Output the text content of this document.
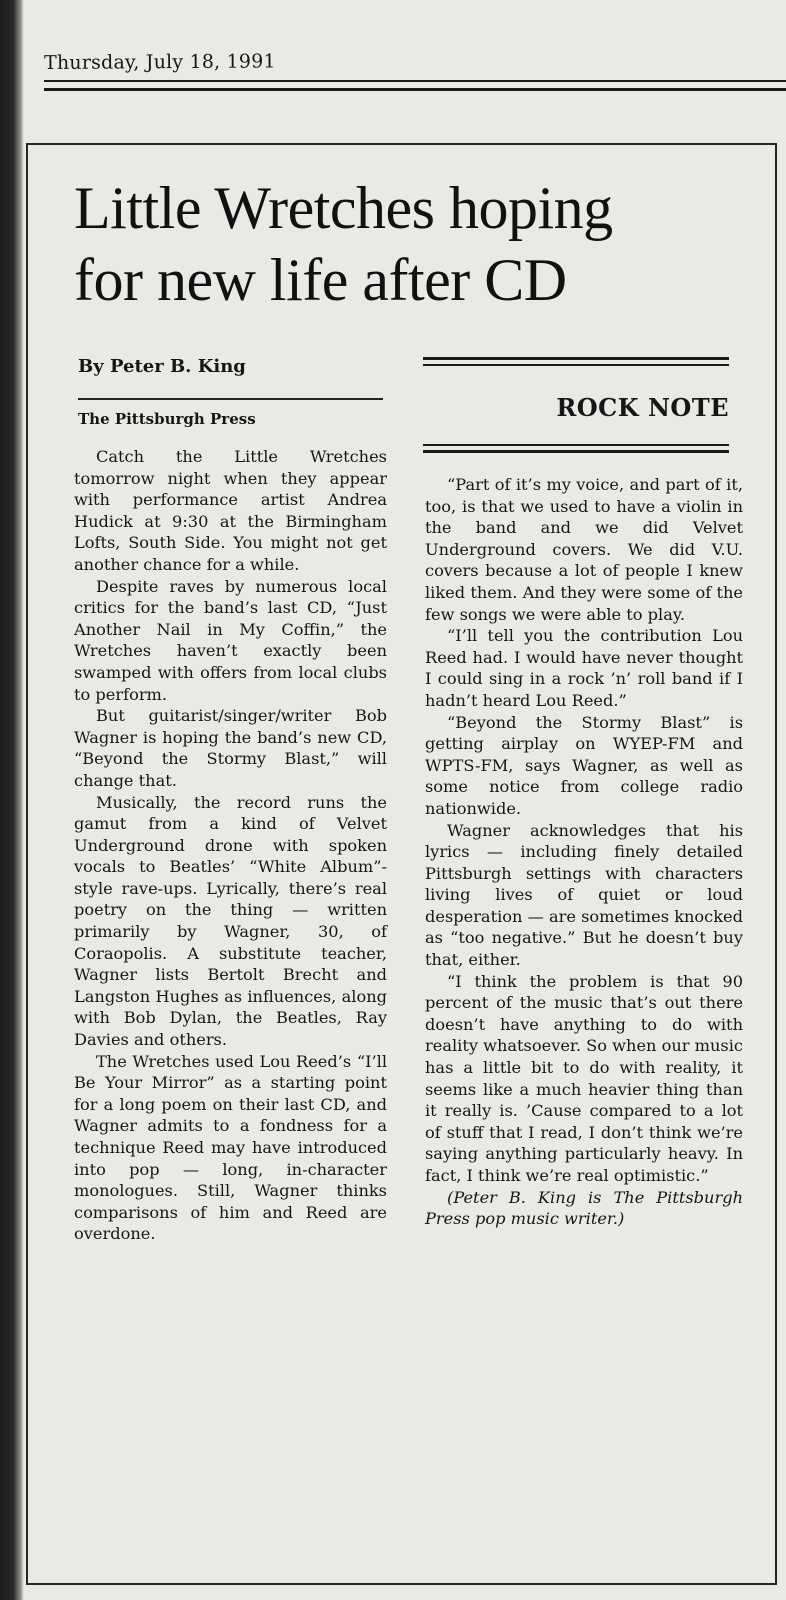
Thursday, July 18, 1991
Little Wretches hoping
for new life after CD
By Peter B. King
The Pittsburgh Press	ROCK NOTE

Catch the Little Wretches tomorrow night when they appear with performance artist Andrea Hudick at 9:30 at the Birmingham Lofts, South Side. You might not get another chance for a while.

Despite raves by numerous local critics for the band’s last CD, “Just Another Nail in My Coffin,” the Wretches haven’t exactly been swamped with offers from local clubs to perform.

But guitarist/singer/writer Bob Wagner is hoping the band’s new CD, “Beyond the Stormy Blast,” will change that.

Musically, the record runs the gamut from a kind of Velvet Underground drone with spoken vocals to Beatles’ “White Album”-style rave-ups. Lyrically, there’s real poetry on the thing — written primarily by Wagner, 30, of Coraopolis. A substitute teacher, Wagner lists Bertolt Brecht and Langston Hughes as influences, along with Bob Dylan, the Beatles, Ray Davies and others.

The Wretches used Lou Reed’s “I’ll Be Your Mirror” as a starting point for a long poem on their last CD, and Wagner admits to a fondness for a technique Reed may have introduced into pop — long, in-character monologues. Still, Wagner thinks comparisons of him and Reed are overdone.

“Part of it’s my voice, and part of it, too, is that we used to have a violin in the band and we did Velvet Underground covers. We did V.U. covers because a lot of people I knew liked them. And they were some of the few songs we were able to play.

“I’ll tell you the contribution Lou Reed had. I would have never thought I could sing in a rock ’n’ roll band if I hadn’t heard Lou Reed.”

“Beyond the Stormy Blast” is getting airplay on WYEP-FM and WPTS-FM, says Wagner, as well as some notice from college radio nationwide.

Wagner acknowledges that his lyrics — including finely detailed Pittsburgh settings with characters living lives of quiet or loud desperation — are sometimes knocked as “too negative.” But he doesn’t buy that, either.

“I think the problem is that 90 percent of the music that’s out there doesn’t have anything to do with reality whatsoever. So when our music has a little bit to do with reality, it seems like a much heavier thing than it really is. ’Cause compared to a lot of stuff that I read, I don’t think we’re saying anything particularly heavy. In fact, I think we’re real optimistic.”

(Peter B. King is The Pittsburgh Press pop music writer.)
